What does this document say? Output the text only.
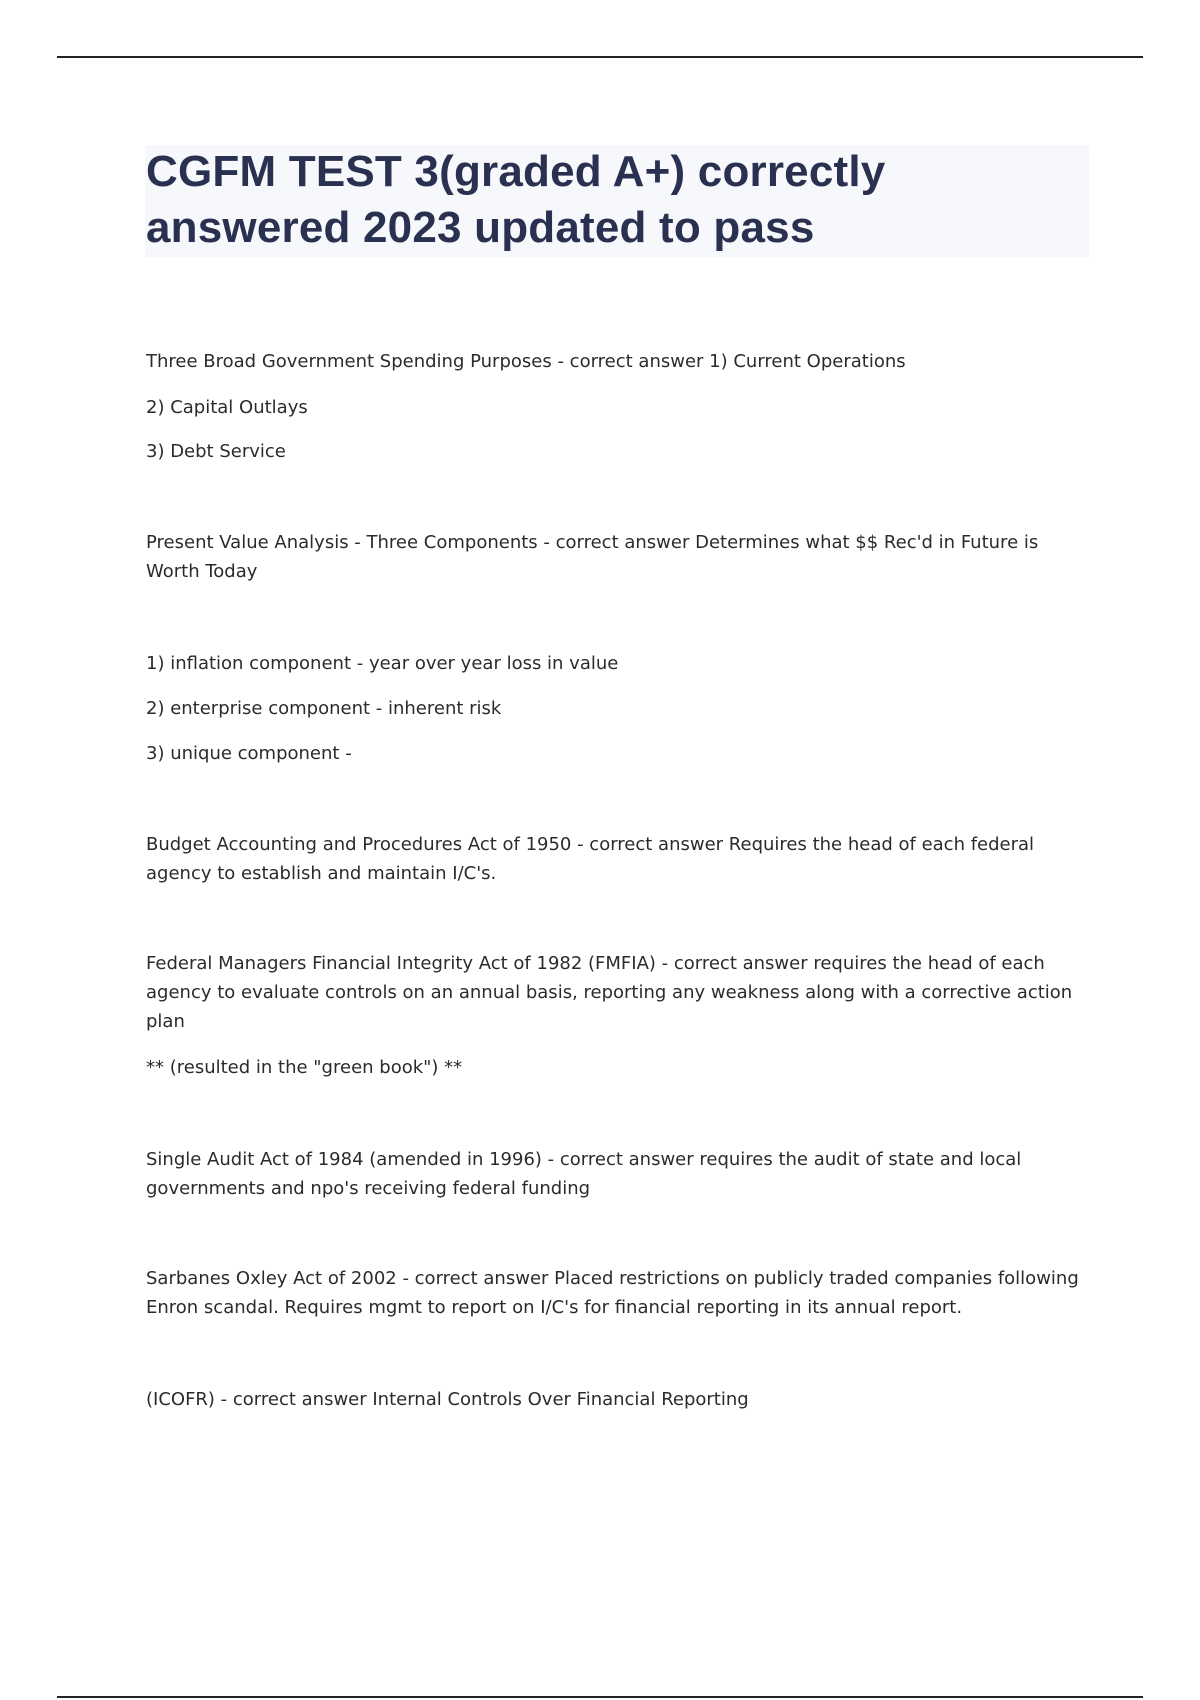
CGFM TEST 3(graded A+) correctly answered 2023 updated to pass

Three Broad Government Spending Purposes - correct answer 1) Current Operations

2) Capital Outlays

3) Debt Service

Present Value Analysis - Three Components - correct answer Determines what $$ Rec'd in Future is Worth Today

1) inflation component - year over year loss in value

2) enterprise component - inherent risk

3) unique component -

Budget Accounting and Procedures Act of 1950 - correct answer Requires the head of each federal agency to establish and maintain I/C's.

Federal Managers Financial Integrity Act of 1982 (FMFIA) - correct answer requires the head of each agency to evaluate controls on an annual basis, reporting any weakness along with a corrective action plan

** (resulted in the "green book") **

Single Audit Act of 1984 (amended in 1996) - correct answer requires the audit of state and local governments and npo's receiving federal funding

Sarbanes Oxley Act of 2002 - correct answer Placed restrictions on publicly traded companies following Enron scandal. Requires mgmt to report on I/C's for financial reporting in its annual report.

(ICOFR) - correct answer Internal Controls Over Financial Reporting
